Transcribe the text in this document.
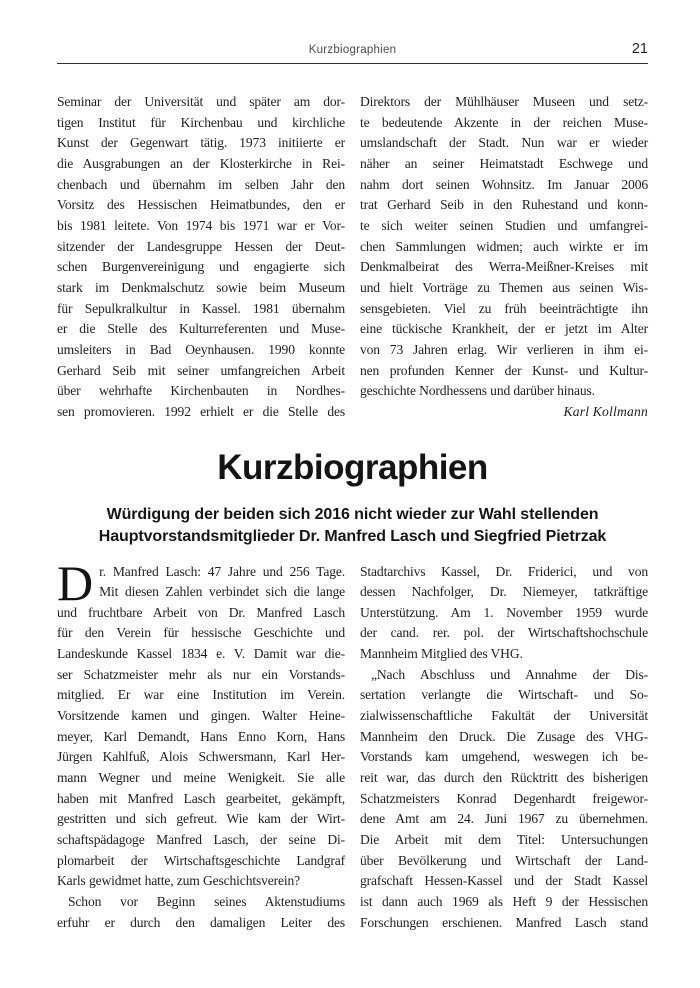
Kurzbiographien	21
Seminar der Universität und später am dor-
tigen Institut für Kirchenbau und kirchliche
Kunst der Gegenwart tätig. 1973 initiierte er
die Ausgrabungen an der Klosterkirche in Rei-
chenbach und übernahm im selben Jahr den
Vorsitz des Hessischen Heimatbundes, den er
bis 1981 leitete. Von 1974 bis 1971 war er Vor-
sitzender der Landesgruppe Hessen der Deut-
schen Burgenvereinigung und engagierte sich
stark im Denkmalschutz sowie beim Museum
für Sepulkralkultur in Kassel. 1981 übernahm
er die Stelle des Kulturreferenten und Muse-
umsleiters in Bad Oeynhausen. 1990 konnte
Gerhard Seib mit seiner umfangreichen Arbeit
über wehrhafte Kirchenbauten in Nordhes-
sen promovieren. 1992 erhielt er die Stelle des
Direktors der Mühlhäuser Museen und setz-
te bedeutende Akzente in der reichen Muse-
umslandschaft der Stadt. Nun war er wieder
näher an seiner Heimatstadt Eschwege und
nahm dort seinen Wohnsitz. Im Januar 2006
trat Gerhard Seib in den Ruhestand und konn-
te sich weiter seinen Studien und umfangrei-
chen Sammlungen widmen; auch wirkte er im
Denkmalbeirat des Werra-Meißner-Kreises mit
und hielt Vorträge zu Themen aus seinen Wis-
sensgebieten. Viel zu früh beeinträchtigte ihn
eine tückische Krankheit, der er jetzt im Alter
von 73 Jahren erlag. Wir verlieren in ihm ei-
nen profunden Kenner der Kunst- und Kultur-
geschichte Nordhessens und darüber hinaus.
Karl Kollmann
Kurzbiographien
Würdigung der beiden sich 2016 nicht wieder zur Wahl stellenden
Hauptvorstandsmitglieder Dr. Manfred Lasch und Siegfried Pietrzak
Dr. Manfred Lasch: 47 Jahre und 256 Tage.
Mit diesen Zahlen verbindet sich die lange
und fruchtbare Arbeit von Dr. Manfred Lasch
für den Verein für hessische Geschichte und
Landeskunde Kassel 1834 e. V. Damit war die-
ser Schatzmeister mehr als nur ein Vorstands-
mitglied. Er war eine Institution im Verein.
Vorsitzende kamen und gingen. Walter Heine-
meyer, Karl Demandt, Hans Enno Korn, Hans
Jürgen Kahlfuß, Alois Schwersmann, Karl Her-
mann Wegner und meine Wenigkeit. Sie alle
haben mit Manfred Lasch gearbeitet, gekämpft,
gestritten und sich gefreut. Wie kam der Wirt-
schaftspädagoge Manfred Lasch, der seine Di-
plomarbeit der Wirtschaftsgeschichte Landgraf
Karls gewidmet hatte, zum Geschichtsverein?
Schon vor Beginn seines Aktenstudiums
erfuhr er durch den damaligen Leiter des
Stadtarchivs Kassel, Dr. Friderici, und von
dessen Nachfolger, Dr. Niemeyer, tatkräftige
Unterstützung. Am 1. November 1959 wurde
der cand. rer. pol. der Wirtschaftshochschule
Mannheim Mitglied des VHG.
„Nach Abschluss und Annahme der Dis-
sertation verlangte die Wirtschaft- und So-
zialwissenschaftliche Fakultät der Universität
Mannheim den Druck. Die Zusage des VHG-
Vorstands kam umgehend, weswegen ich be-
reit war, das durch den Rücktritt des bisherigen
Schatzmeisters Konrad Degenhardt freigewor-
dene Amt am 24. Juni 1967 zu übernehmen.
Die Arbeit mit dem Titel: Untersuchungen
über Bevölkerung und Wirtschaft der Land-
grafschaft Hessen-Kassel und der Stadt Kassel
ist dann auch 1969 als Heft 9 der Hessischen
Forschungen erschienen. Manfred Lasch stand
